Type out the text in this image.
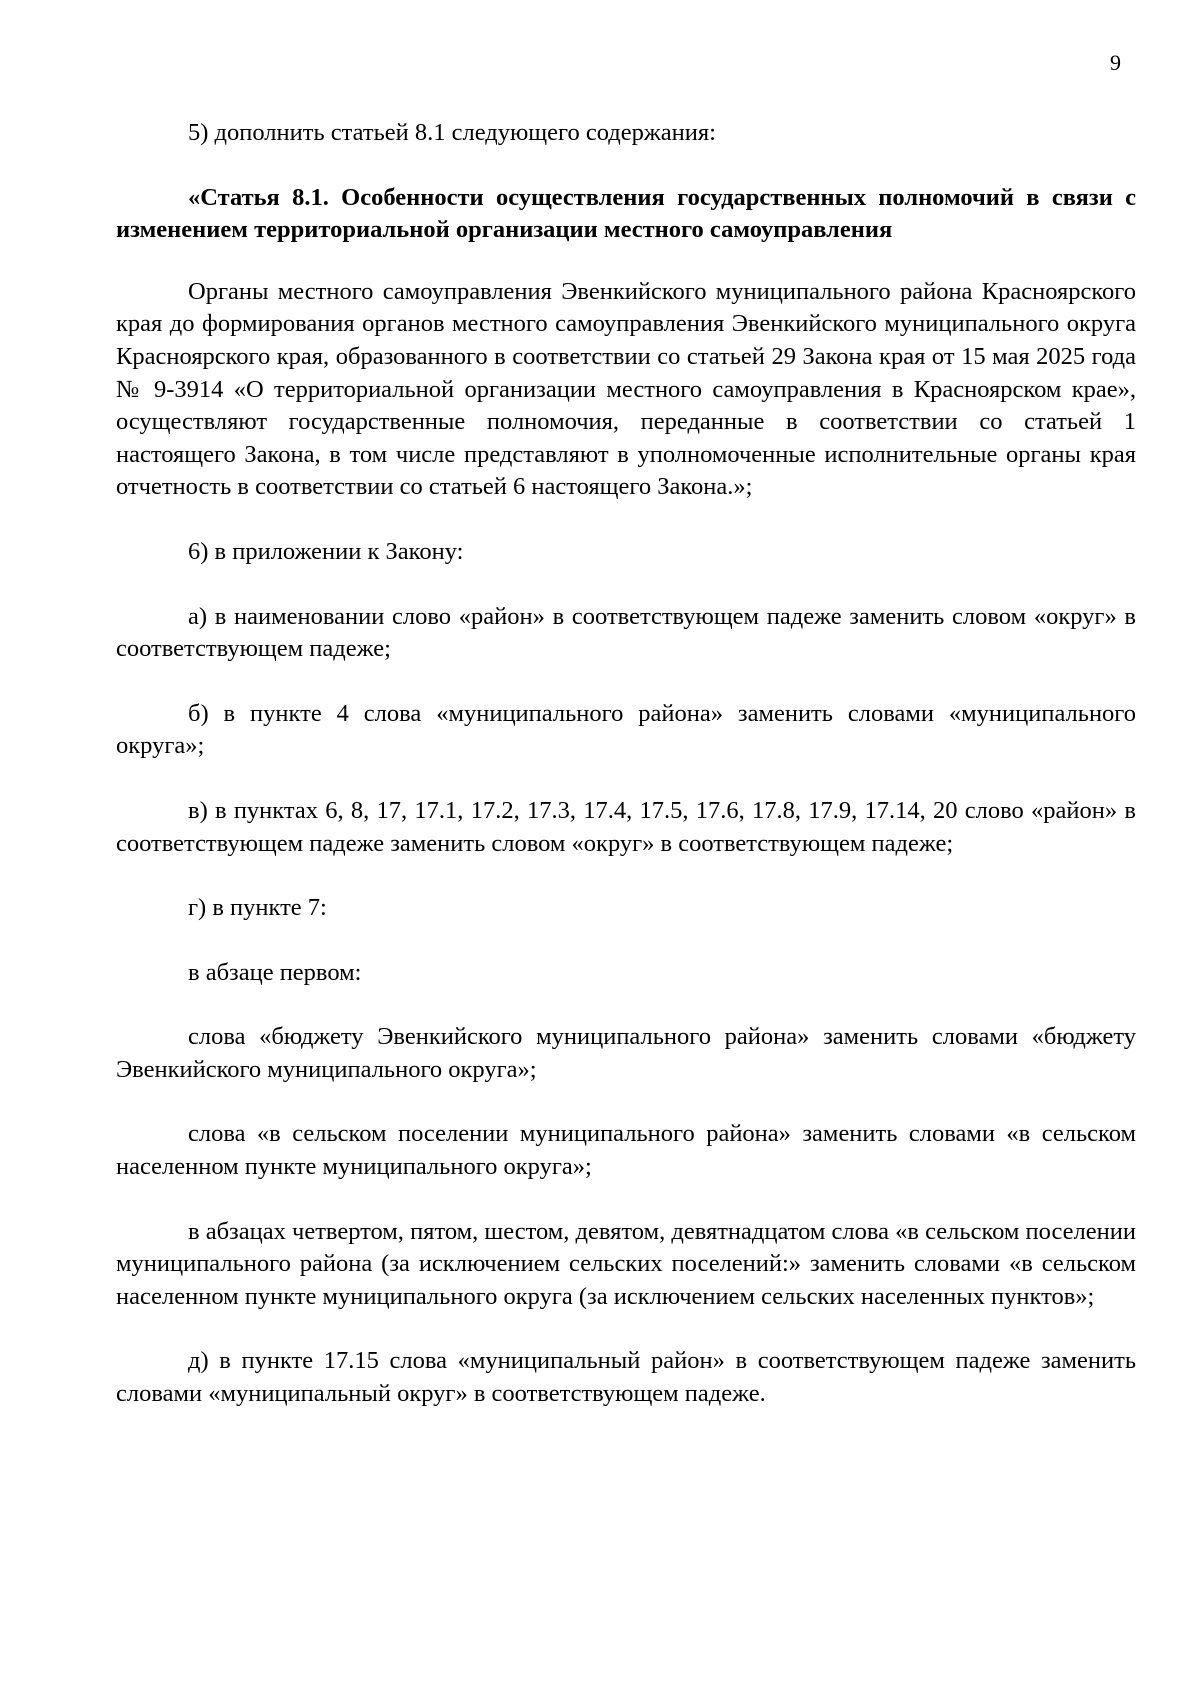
9

5) дополнить статьей 8.1 следующего содержания:

«Статья 8.1. Особенности осуществления государственных полномочий в связи с изменением территориальной организации местного самоуправления

Органы местного самоуправления Эвенкийского муниципального района Красноярского края до формирования органов местного самоуправления Эвенкийского муниципального округа Красноярского края, образованного в соответствии со статьей 29 Закона края от 15 мая 2025 года № 9-3914 «О территориальной организации местного самоуправления в Красноярском крае», осуществляют государственные полномочия, переданные в соответствии со статьей 1 настоящего Закона, в том числе представляют в уполномоченные исполнительные органы края отчетность в соответствии со статьей 6 настоящего Закона.»;

6) в приложении к Закону:

а) в наименовании слово «район» в соответствующем падеже заменить словом «округ» в соответствующем падеже;

б) в пункте 4 слова «муниципального района» заменить словами «муниципального округа»;

в) в пунктах 6, 8, 17, 17.1, 17.2, 17.3, 17.4, 17.5, 17.6, 17.8, 17.9, 17.14, 20 слово «район» в соответствующем падеже заменить словом «округ» в соответствующем падеже;

г) в пункте 7:

в абзаце первом:

слова «бюджету Эвенкийского муниципального района» заменить словами «бюджету Эвенкийского муниципального округа»;

слова «в сельском поселении муниципального района» заменить словами «в сельском населенном пункте муниципального округа»;

в абзацах четвертом, пятом, шестом, девятом, девятнадцатом слова «в сельском поселении муниципального района (за исключением сельских поселений:» заменить словами «в сельском населенном пункте муниципального округа (за исключением сельских населенных пунктов»;

д) в пункте 17.15 слова «муниципальный район» в соответствующем падеже заменить словами «муниципальный округ» в соответствующем падеже.
